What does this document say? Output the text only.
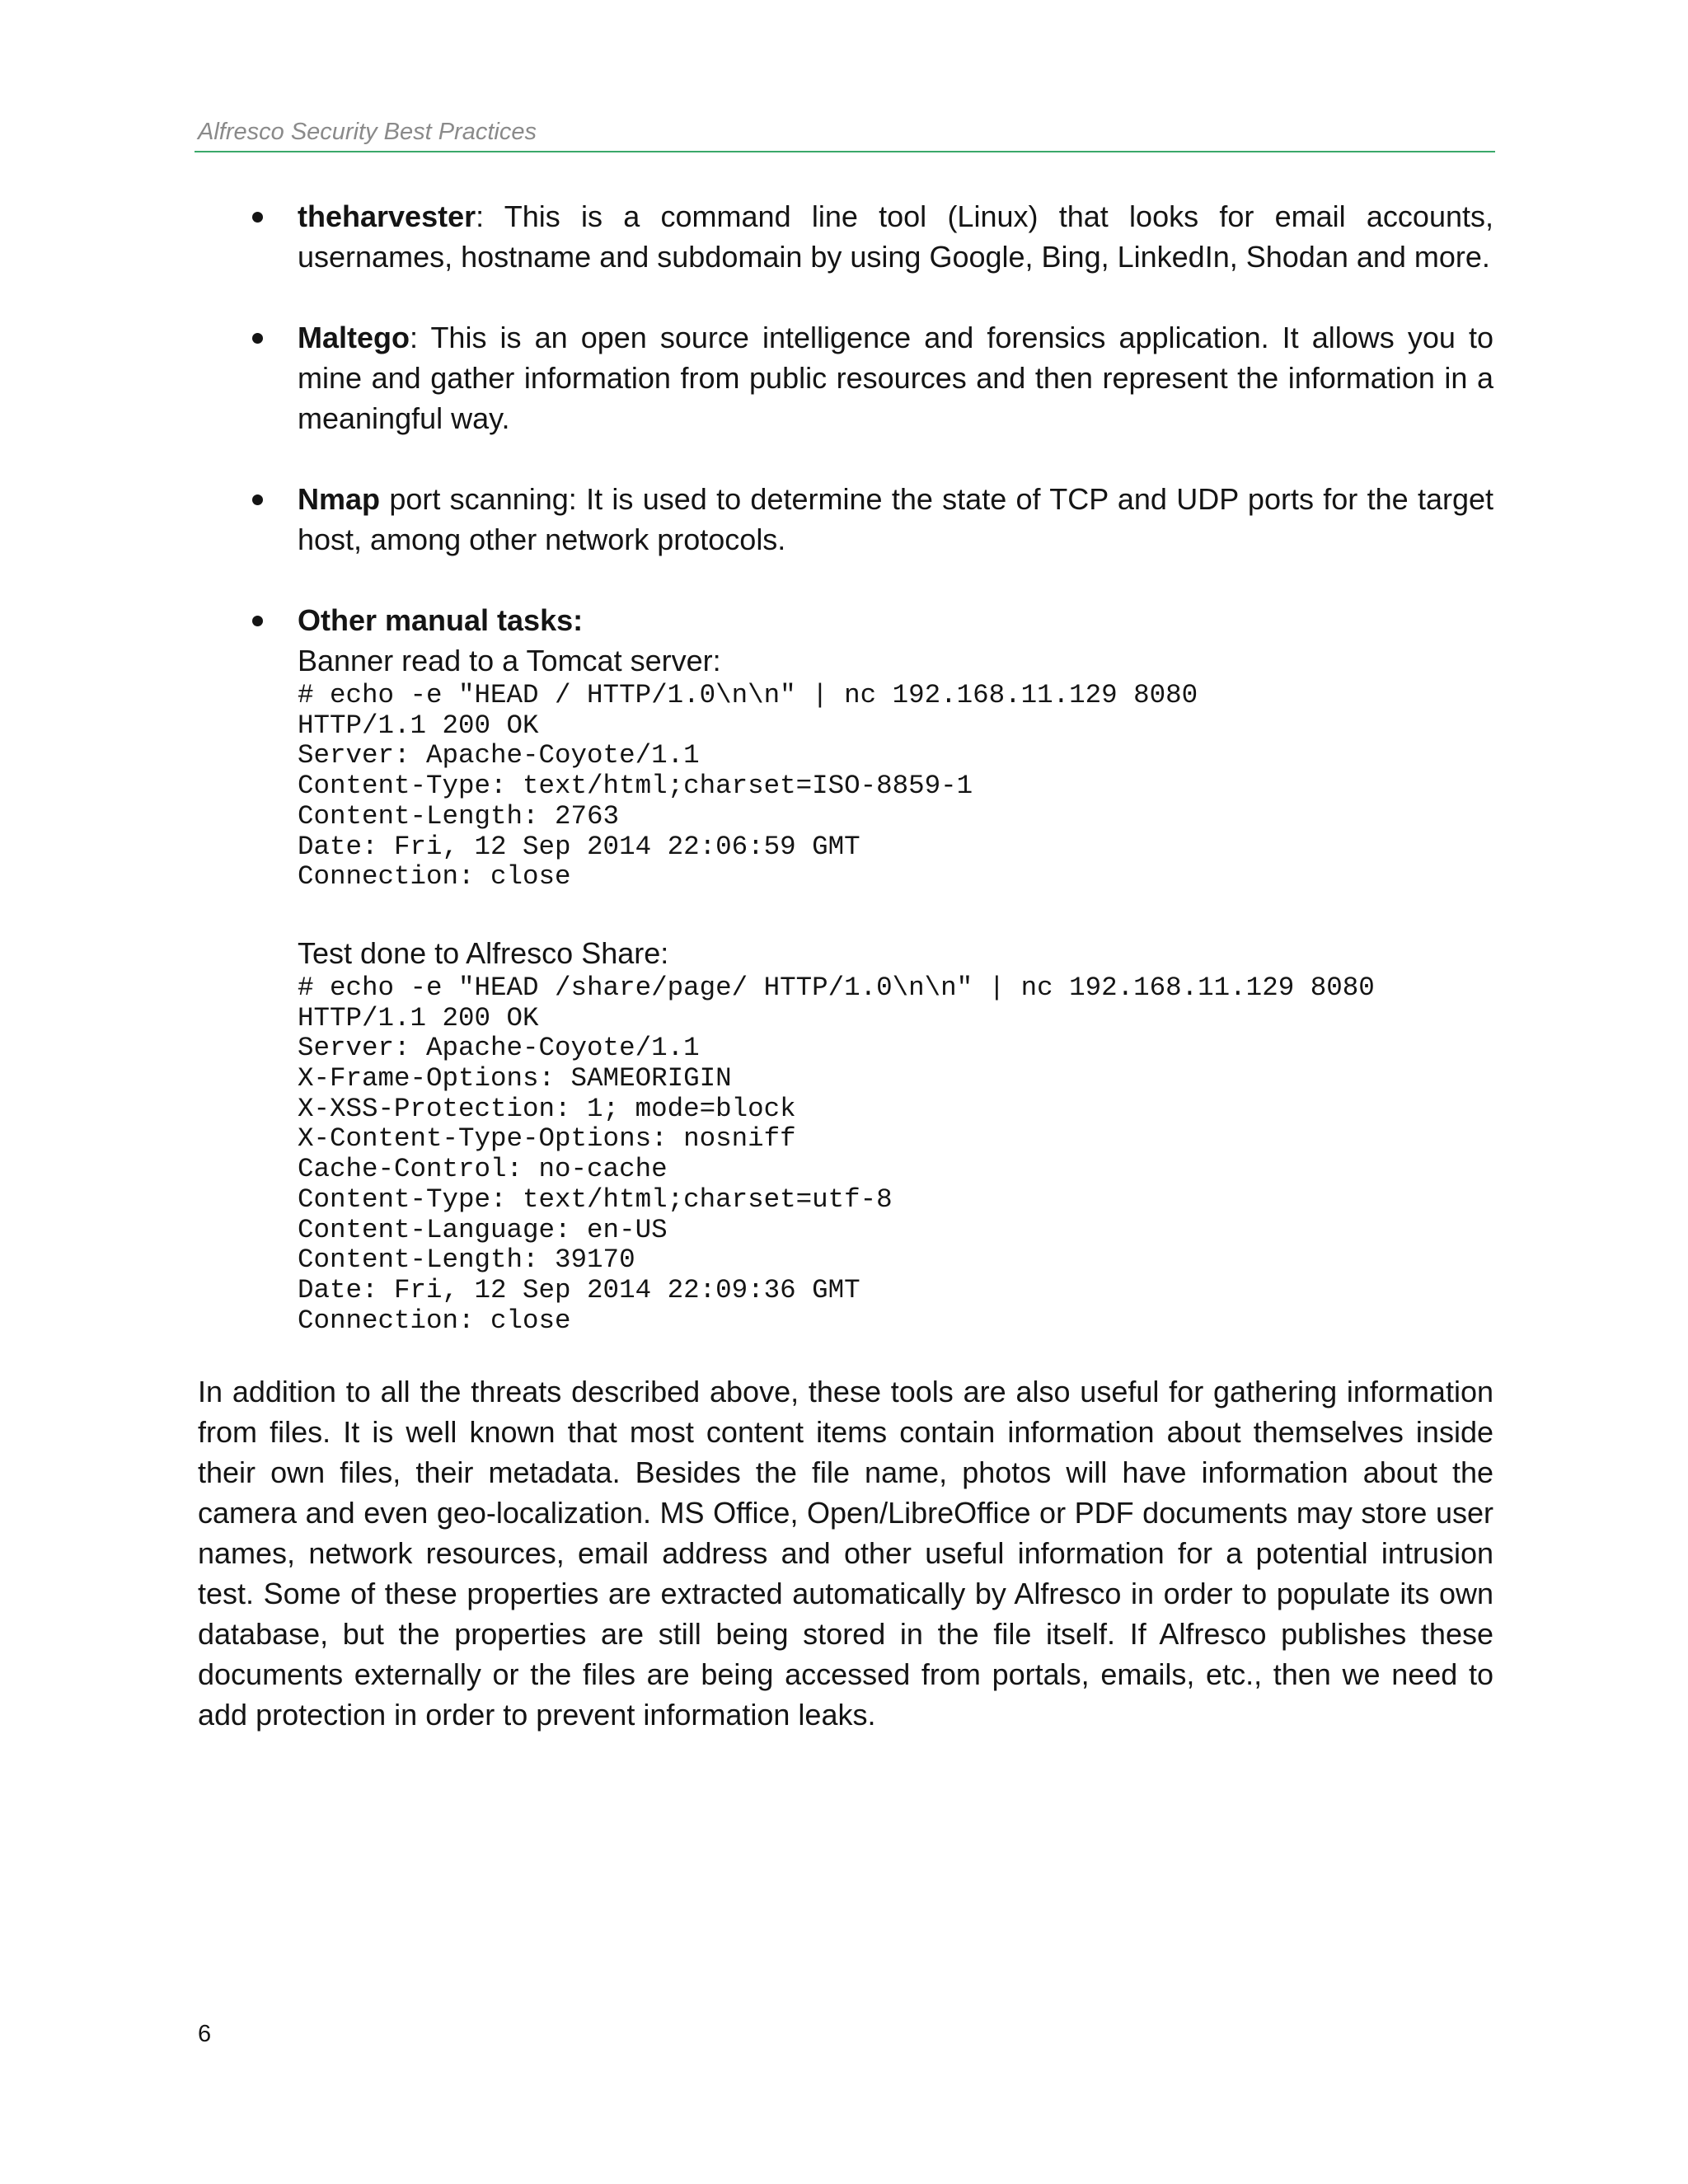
Alfresco Security Best Practices
theharvester: This is a command line tool (Linux) that looks for email accounts, usernames, hostname and subdomain by using Google, Bing, LinkedIn, Shodan and more.
Maltego: This is an open source intelligence and forensics application. It allows you to mine and gather information from public resources and then represent the information in a meaningful way.
Nmap port scanning: It is used to determine the state of TCP and UDP ports for the target host, among other network protocols.
Other manual tasks:
Banner read to a Tomcat server:
# echo -e "HEAD / HTTP/1.0\n\n" | nc 192.168.11.129 8080
HTTP/1.1 200 OK
Server: Apache-Coyote/1.1
Content-Type: text/html;charset=ISO-8859-1
Content-Length: 2763
Date: Fri, 12 Sep 2014 22:06:59 GMT
Connection: close
Test done to Alfresco Share:
# echo -e "HEAD /share/page/ HTTP/1.0\n\n" | nc 192.168.11.129 8080
HTTP/1.1 200 OK
Server: Apache-Coyote/1.1
X-Frame-Options: SAMEORIGIN
X-XSS-Protection: 1; mode=block
X-Content-Type-Options: nosniff
Cache-Control: no-cache
Content-Type: text/html;charset=utf-8
Content-Language: en-US
Content-Length: 39170
Date: Fri, 12 Sep 2014 22:09:36 GMT
Connection: close

In addition to all the threats described above, these tools are also useful for gathering information from files. It is well known that most content items contain information about themselves inside their own files, their metadata. Besides the file name, photos will have information about the camera and even geo-localization. MS Office, Open/LibreOffice or PDF documents may store user names, network resources, email address and other useful information for a potential intrusion test. Some of these properties are extracted automatically by Alfresco in order to populate its own database, but the properties are still being stored in the file itself. If Alfresco publishes these documents externally or the files are being accessed from portals, emails, etc., then we need to add protection in order to prevent information leaks.

6
